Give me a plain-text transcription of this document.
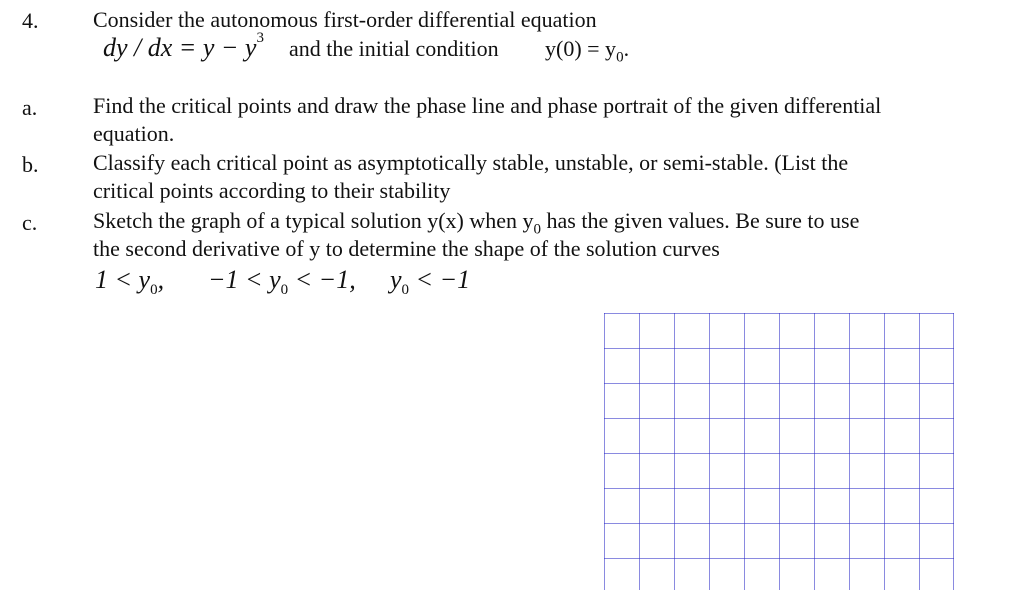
4. Consider the autonomous first-order differential equation
dy / dx = $y - y^3$ and the initial condition $y(0) = y_0$.
a.	Find the critical points and draw the phase line and phase portrait of the given differential
equation.
b. Classify each critical point as asymptotically stable, unstable, or semi-stable. (List the
critical points according to their stability
c.	Sketch the graph of a typical solution y(x) when $y_0$ has the given values. Be sure to use
the second derivative of y to determine the shape of the solution curves
$1 < y_0$, $-1 < y_0 < -1$, $y_0 < -1$
